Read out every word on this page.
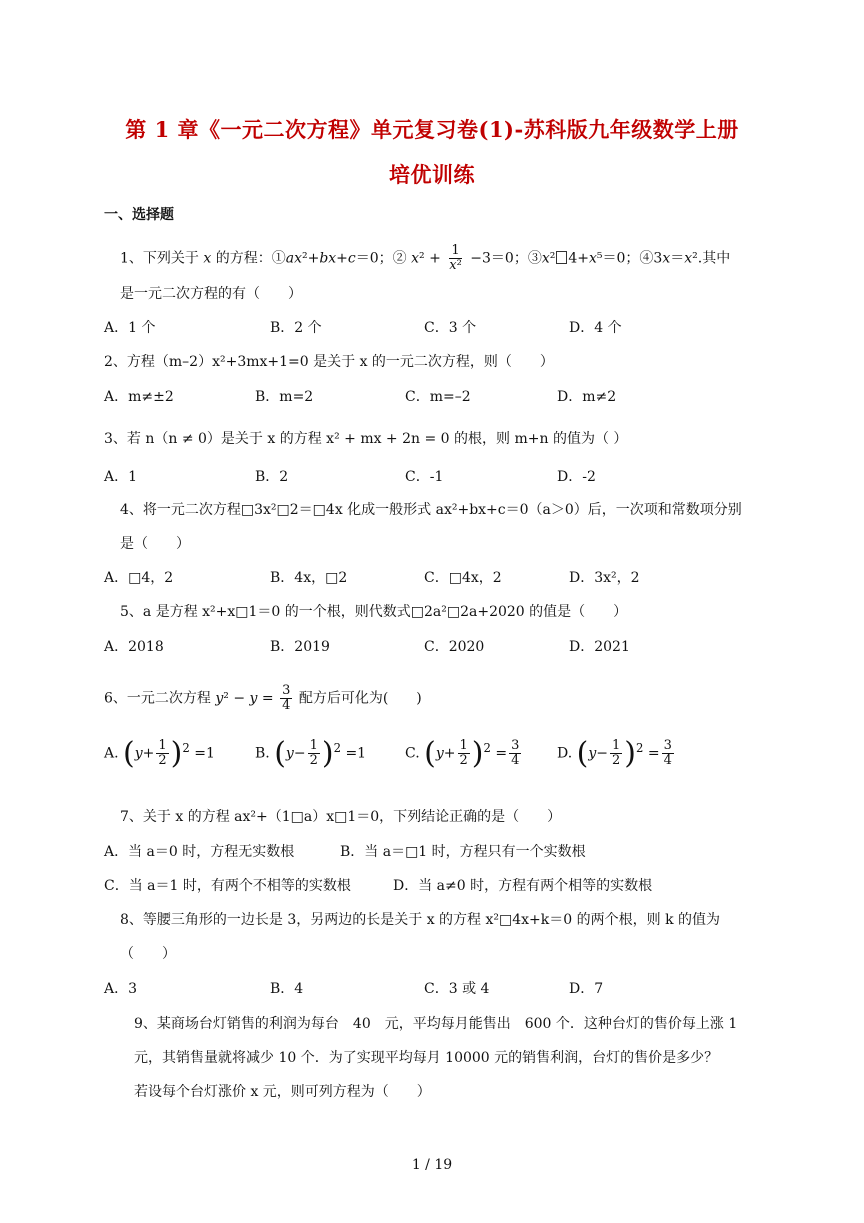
第 1 章《一元二次方程》单元复习卷(1)-苏科版九年级数学上册
培优训练
一、选择题
1、下列关于 x 的方程：①ax²+bx+c＝0；② $x^2 + \frac{1}{\text{x²}} -3=0$；③x² 4+x⁵＝0；④3x＝x².其中
是一元二次方程的有（　　）
A．1 个	B．2 个	C．3 个	D．4 个
2、方程（m–2）x²+3mx+1=0 是关于 x 的一元二次方程，则（　　）
A．m≠±2	B．m=2	C．m=–2	D．m≠2
3、若 n（n ≠ 0）是关于 x 的方程 x² + mx + 2n = 0 的根，则 m+n 的值为（ ）
A．1	B．2	C．-1	D．-2
4、将一元二次方程□3x²□2＝□4x 化成一般形式 ax²+bx+c＝0（a＞0）后，一次项和常数项分别
是（　　）
A．□4，2	B．4x，□2	C．□4x，2	D．3x²，2
5、a 是方程 x²+x□1＝0 的一个根，则代数式□2a²□2a+2020 的值是（　　）
A．2018	B．2019	C．2020	D．2021
6、一元二次方程 $y^2 - y = \frac{3}{4}$ 配方后可化为(　　)
A. $(y+ \frac{1}{2} )^2 =1$	B. $(y- \frac{1}{2} )^2 =1$	C. $(y+ \frac{1}{2} )^2 = \frac{3}{4}$	D. $(y- \frac{1}{2} )^2 = \frac{3}{4}$
7、关于 x 的方程 ax²+（1□a）x□1＝0，下列结论正确的是（　　）
A．当 a＝0 时，方程无实数根	B．当 a＝□1 时，方程只有一个实数根
C．当 a＝1 时，有两个不相等的实数根	D．当 a≠0 时，方程有两个相等的实数根
8、等腰三角形的一边长是 3，另两边的长是关于 x 的方程 x²□4x+k＝0 的两个根，则 k 的值为
（　　）
A．3	B．4	C．3 或 4	D．7
9、某商场台灯销售的利润为每台　40　元，平均每月能售出　600 个．这种台灯的售价每上涨 1
元，其销售量就将减少 10 个．为了实现平均每月 10000 元的销售利润，台灯的售价是多少？
若设每个台灯涨价 x 元，则可列方程为（　　）
1 / 19
